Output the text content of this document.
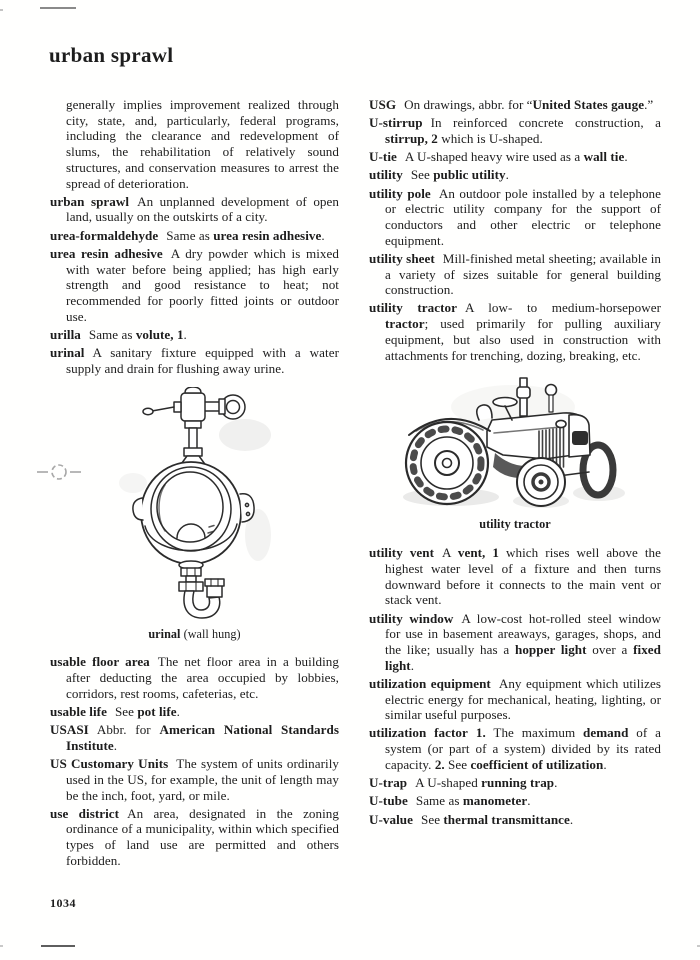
urban sprawl

generally implies improvement realized through city, state, and, particularly, federal programs, including the clearance and redevelopment of slums, the rehabilitation of relatively sound structures, and conservation measures to arrest the spread of deterioration.

urban sprawl An unplanned development of open land, usually on the outskirts of a city.

urea-formaldehyde Same as urea resin adhesive.

urea resin adhesive A dry powder which is mixed with water before being applied; has high early strength and good resistance to heat; not recommended for poorly fitted joints or outdoor use.

urilla Same as volute, 1.

urinal A sanitary fixture equipped with a water supply and drain for flushing away urine.

urinal (wall hung)

usable floor area The net floor area in a building after deducting the area occupied by lobbies, corridors, rest rooms, cafeterias, etc.

usable life See pot life.

USASI Abbr. for American National Standards Institute.

US Customary Units The system of units ordinarily used in the US, for example, the unit of length may be the inch, foot, yard, or mile.

use district An area, designated in the zoning ordinance of a municipality, within which specified types of land use are permitted and others forbidden.

USG On drawings, abbr. for “United States gauge.”

U-stirrup In reinforced concrete construction, a stirrup, 2 which is U-shaped.

U-tie A U-shaped heavy wire used as a wall tie.

utility See public utility.

utility pole An outdoor pole installed by a telephone or electric utility company for the support of conductors and other electric or telephone equipment.

utility sheet Mill-finished metal sheeting; available in a variety of sizes suitable for general building construction.

utility tractor A low- to medium-horsepower tractor; used primarily for pulling auxiliary equipment, but also used in construction with attachments for trenching, dozing, breaking, etc.

utility tractor

utility vent A vent, 1 which rises well above the highest water level of a fixture and then turns downward before it connects to the main vent or stack vent.

utility window A low-cost hot-rolled steel window for use in basement areaways, garages, shops, and the like; usually has a hopper light over a fixed light.

utilization equipment Any equipment which utilizes electric energy for mechanical, heating, lighting, or similar useful purposes.

utilization factor 1. The maximum demand of a system (or part of a system) divided by its rated capacity. 2. See coefficient of utilization.

U-trap A U-shaped running trap.

U-tube Same as manometer.

U-value See thermal transmittance.

1034
